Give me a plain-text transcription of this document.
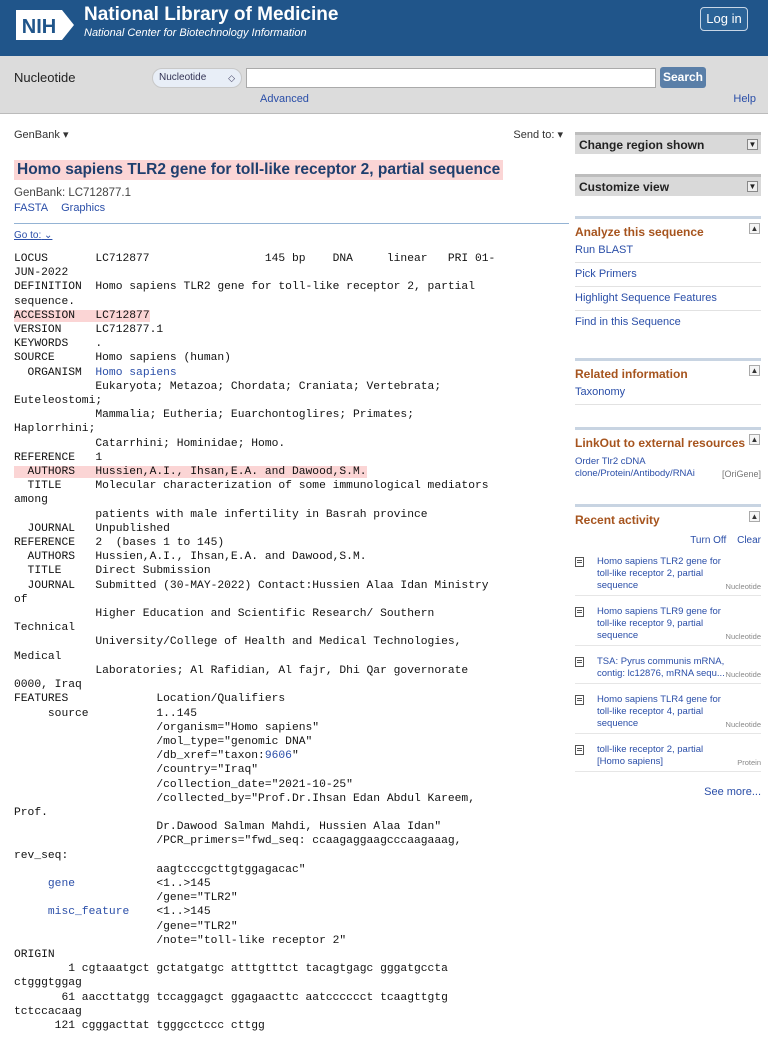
NIH
National Library of Medicine
National Center for Biotechnology Information
Log in
Nucleotide	Nucleotide ◇	Search
Advanced	Help
GenBank ▾	Send to: ▾
Homo sapiens TLR2 gene for toll-like receptor 2, partial sequence
GenBank: LC712877.1
FASTA Graphics
Go to: ⌄
LOCUS       LC712877                 145 bp    DNA     linear   PRI 01-
JUN-2022
DEFINITION  Homo sapiens TLR2 gene for toll-like receptor 2, partial
sequence.
ACCESSION   LC712877
VERSION     LC712877.1
KEYWORDS    .
SOURCE      Homo sapiens (human)
ORGANISM  Homo sapiens
Eukaryota; Metazoa; Chordata; Craniata; Vertebrata;
Euteleostomi;
Mammalia; Eutheria; Euarchontoglires; Primates;
Haplorrhini;
Catarrhini; Hominidae; Homo.
REFERENCE   1
AUTHORS   Hussien,A.I., Ihsan,E.A. and Dawood,S.M.
TITLE     Molecular characterization of some immunological mediators
among
patients with male infertility in Basrah province
JOURNAL   Unpublished
REFERENCE   2  (bases 1 to 145)
AUTHORS   Hussien,A.I., Ihsan,E.A. and Dawood,S.M.
TITLE     Direct Submission
JOURNAL   Submitted (30-MAY-2022) Contact:Hussien Alaa Idan Ministry
of
Higher Education and Scientific Research/ Southern
Technical
University/College of Health and Medical Technologies,
Medical
Laboratories; Al Rafidian, Al fajr, Dhi Qar governorate
0000, Iraq
FEATURES             Location/Qualifiers
source          1..145
/organism="Homo sapiens"
/mol_type="genomic DNA"
/db_xref="taxon:9606"
/country="Iraq"
/collection_date="2021-10-25"
/collected_by="Prof.Dr.Ihsan Edan Abdul Kareem,
Prof.
Dr.Dawood Salman Mahdi, Hussien Alaa Idan"
/PCR_primers="fwd_seq: ccaagaggaagcccaagaaag,
rev_seq:
aagtcccgcttgtggagacac"
gene            <1..>145
/gene="TLR2"
misc_feature    <1..>145
/gene="TLR2"
/note="toll-like receptor 2"
ORIGIN
1 cgtaaatgct gctatgatgc atttgtttct tacagtgagc gggatgccta
ctgggtggag
61 aaccttatgg tccaggagct ggagaacttc aatcccccct tcaagttgtg
tctccacaag
121 cgggacttat tgggcctccc cttgg
Change region shown	▼
Customize view	▼
Analyze this sequence	▲
Run BLAST
Pick Primers
Highlight Sequence Features
Find in this Sequence
Related information	▲
Taxonomy
LinkOut to external resources ▲
Order Tlr2 cDNA clone/Protein/Antibody/RNAi	[OriGene]
Recent activity	▲
Turn Off Clear
Homo sapiens TLR2 gene for toll-like receptor 2, partial sequence	Nucleotide
Homo sapiens TLR9 gene for toll-like receptor 9, partial sequence	Nucleotide
TSA: Pyrus communis mRNA, contig: lc12876, mRNA sequ... Nucleotide
Homo sapiens TLR4 gene for toll-like receptor 4, partial sequence	Nucleotide
toll-like receptor 2, partial [Homo sapiens]	Protein
See more...
